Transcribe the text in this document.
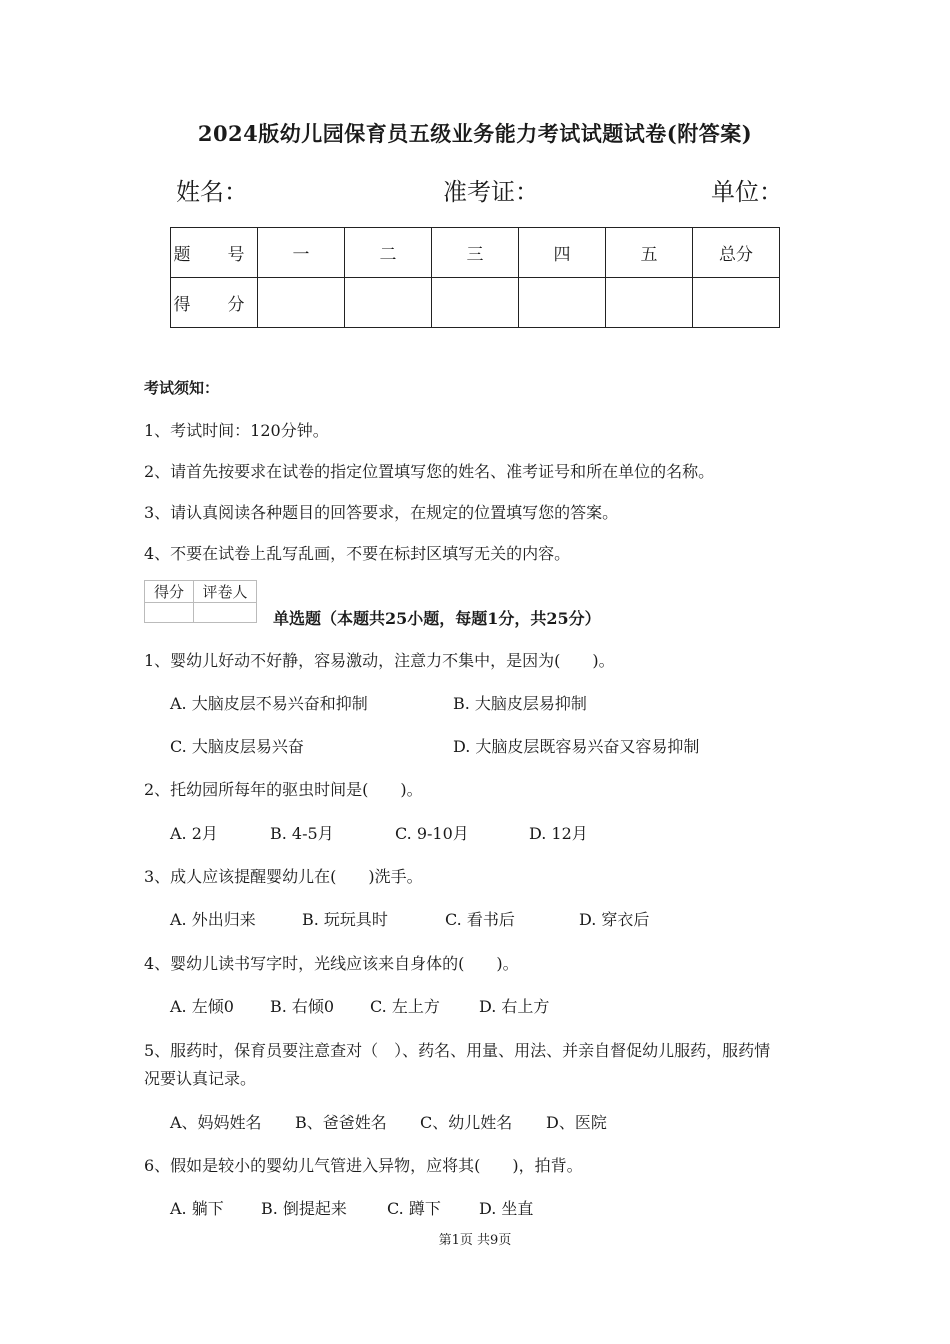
2024版幼儿园保育员五级业务能力考试试题试卷(附答案)
姓名：	准考证：	单位：
题　号	一	二	三	四	五	总分
得　分						
考试须知：
1、考试时间：120分钟。
2、请首先按要求在试卷的指定位置填写您的姓名、准考证号和所在单位的名称。
3、请认真阅读各种题目的回答要求，在规定的位置填写您的答案。
4、不要在试卷上乱写乱画，不要在标封区填写无关的内容。
得分	评卷人

单选题（本题共25小题，每题1分，共25分）
1、婴幼儿好动不好静，容易激动，注意力不集中，是因为(　　)。
A. 大脑皮层不易兴奋和抑制	B. 大脑皮层易抑制
C. 大脑皮层易兴奋	D. 大脑皮层既容易兴奋又容易抑制
2、托幼园所每年的驱虫时间是(　　)。
A. 2月	B. 4-5月	C. 9-10月	D. 12月
3、成人应该提醒婴幼儿在(　　)洗手。
A. 外出归来	B. 玩玩具时	C. 看书后	D. 穿衣后
4、婴幼儿读书写字时，光线应该来自身体的(　　)。
A. 左倾0 B. 右倾0 C. 左上方 D. 右上方
5、服药时，保育员要注意查对（　）、药名、用量、用法、并亲自督促幼儿服药，服药情
况要认真记录。
A、妈妈姓名 B、爸爸姓名 C、幼儿姓名 D、医院
6、假如是较小的婴幼儿气管进入异物，应将其(　　)，拍背。
A. 躺下 B. 倒提起来	C. 蹲下 D. 坐直
第1页 共9页
